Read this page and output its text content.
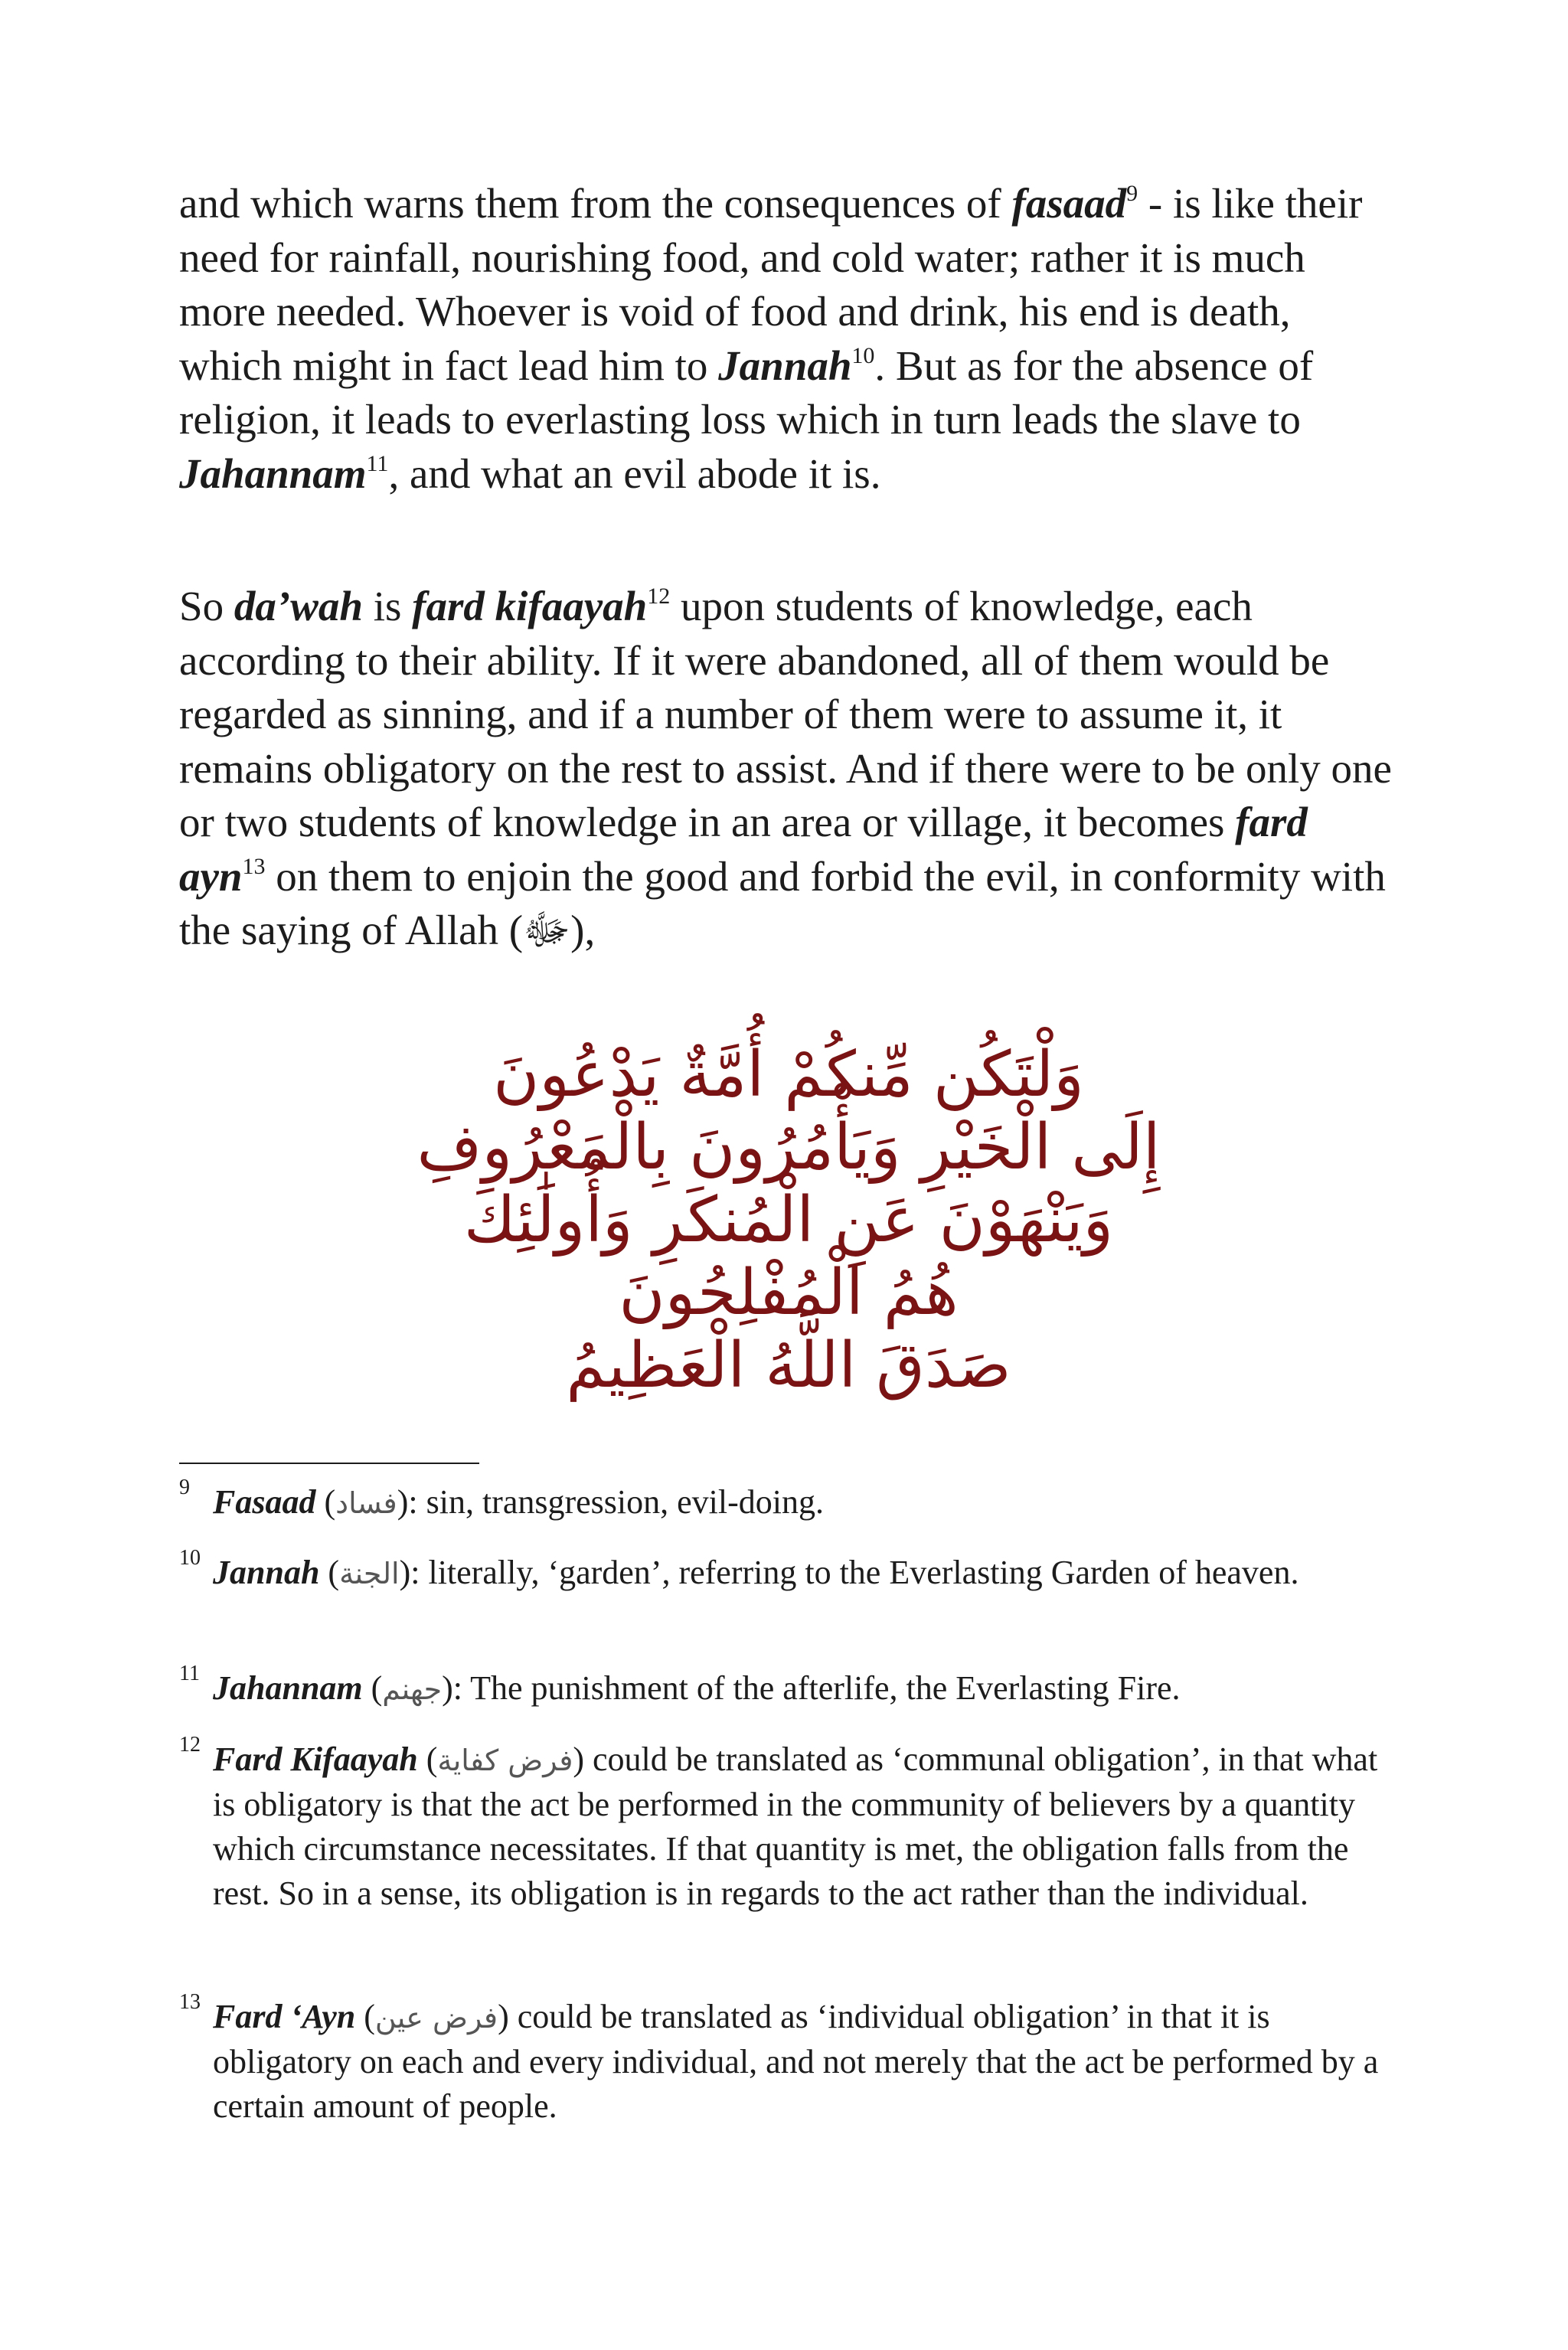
and which warns them from the consequences of fasaad$^9$ - is like their need for rainfall, nourishing food, and cold water; rather it is much more needed. Whoever is void of food and drink, his end is death, which might in fact lead him to Jannah$^{10}$. But as for the absence of religion, it leads to everlasting loss which in turn leads the slave to Jahannam$^{11}$, and what an evil abode it is.

So da’wah is fard kifaayah$^{12}$ upon students of knowledge, each according to their ability. If it were abandoned, all of them would be regarded as sinning, and if a number of them were to assume it, it remains obligatory on the rest to assist. And if there were to be only one or two students of knowledge in an area or village, it becomes fard ayn$^{13}$ on them to enjoin the good and forbid the evil, in conformity with the saying of Allah (ﷻ),

وَلْتَكُن مِّنكُمْ أُمَّةٌ يَدْعُونَ
إِلَى الْخَيْرِ وَيَأْمُرُونَ بِالْمَعْرُوفِ
وَيَنْهَوْنَ عَنِ الْمُنكَرِ وَأُولَٰئِكَ
هُمُ الْمُفْلِحُونَ
صَدَقَ اللَّهُ الْعَظِيمُ
9 Fasaad (فساد): sin, transgression, evil-doing.
10 Jannah (الجنة): literally, ‘garden’, referring to the Everlasting Garden of heaven.
11 Jahannam (جهنم): The punishment of the afterlife, the Everlasting Fire.
12 Fard Kifaayah (فرض كفاية) could be translated as ‘communal obligation’, in that what is obligatory is that the act be performed in the community of believers by a quantity which circumstance necessitates. If that quantity is met, the obligation falls from the rest. So in a sense, its obligation is in regards to the act rather than the individual.
13 Fard ‘Ayn (فرض عين) could be translated as ‘individual obligation’ in that it is obligatory on each and every individual, and not merely that the act be performed by a certain amount of people.
